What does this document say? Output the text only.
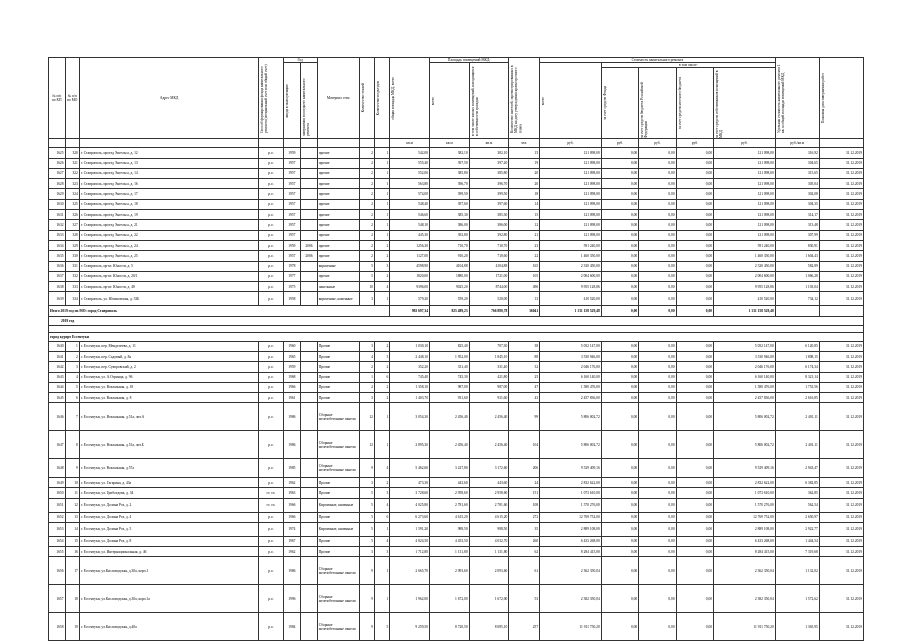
№ п/п по КП	№ п/п по МО	Адрес МКД	Способ формирования фонда капитального ремонта (специальный счет или общий счет)	Год		Материал стен	Количество этажей	Количество подъездов	общая площадь МКД, всего	Площадь помещений МКД:		Количество жителей, зарегистрированных в МКД на дату утверждения краткосрочного плана	Стоимость капитального ремонта					Удельная стоимость капитального ремонта 1 кв. м общей площади помещений МКД	Плановая дата завершения работ

				ввода в эксплуатацию	завершения последнего капитального ремонта					всего	в том числе жилых помещений, находящихся в собственности граждан		всего	в том числе:					

														за счет средств Фонда	за счет средств бюджета Российской Федерации	за счет средств местного бюджета	за счет средств собственников помещений в МКД		

									кв.м	кв.м	кв.м	чел.	руб.	руб.	руб.	руб.	руб.	руб./кв.м	
1625	320	г. Ставрополь, проезд Энгельса, д. 12	р.о.	1959		прочие	2	1	542,00	382,10	382,10	15	121 098,00	0,00	0,00	0,00	121 098,00	316,92	31.12.2019
1626	321	г. Ставрополь, проезд Энгельса, д. 13	р.о.	1957		прочие	2	1	555,40	397,50	397,20	19	121 098,00	0,00	0,00	0,00	121 098,00	304,65	31.12.2019
1627	322	г. Ставрополь, проезд Энгельса, д. 14	р.о.	1957		прочие	2	1	552,00	385,80	385,80	20	121 098,00	0,00	0,00	0,00	121 098,00	315,65	31.12.2019
1628	323	г. Ставрополь, проезд Энгельса, д. 16	р.о.	1957		прочие	2	1	563,80	396,70	396,70	20	121 098,00	0,00	0,00	0,00	121 098,00	305,04	31.12.2019
1629	324	г. Ставрополь, проезд Энгельса, д. 17	р.о.	1957		прочие	2	1	574,00	399,50	399,50	18	121 098,00	0,00	0,00	0,00	121 098,00	302,08	31.12.2019
1630	325	г. Ставрополь, проезд Энгельса, д. 18	р.о.	1957		прочие	2	1	548,40	397,60	397,60	14	121 098,00	0,00	0,00	0,00	121 098,00	304,35	31.12.2019
1631	326	г. Ставрополь, проезд Энгельса, д. 19	р.о.	1957		прочие	2	1	546,60	385,30	385,30	15	121 098,00	0,00	0,00	0,00	121 098,00	314,17	31.12.2019
1632	327	г. Ставрополь, проезд Энгельса, д. 21	р.о.	1957		прочие	2	1	548,10	386,00	386,00	12	121 098,00	0,00	0,00	0,00	121 098,00	313,48	31.12.2019
1633	328	г. Ставрополь, проезд Энгельса, д. 22	р.о.	1957		прочие	2	1	445,30	392,80	392,80	21	121 098,00	0,00	0,00	0,00	121 098,00	307,99	31.12.2019
1634	329	г. Ставрополь, проезд Энгельса, д. 24	р.о.	1959	2006	прочие	2	2	1256,30	710,70	710,70	23	591 240,00	0,00	0,00	0,00	591 240,00	830,91	31.12.2019
1635	330	г. Ставрополь, проезд Энгельса, д. 25	р.о.	1957	2006	прочие	2	2	1127,00	910,20	710,60	22	1 460 350,00	0,00	0,00	0,00	1 460 350,00	1 604,43	31.12.2019
1636	331	г. Ставрополь, пр-кт. Юности, д. 5	р.о.	1978		кирпичные	5	3	4598,90	4104,88	4104,88	165	2 330 450,00	0,00	0,00	0,00	2 330 450,00	582,89	31.12.2019
1637	332	г. Ставрополь, пр-кт. Юности, д. 20/1	р.о.	1977		прочие	5	2	1820,00	1880,00	1721,00	105	2 004 600,00	0,00	0,00	0,00	2 004 600,00	1 066,28	31.12.2019
1638	333	г. Ставрополь, пр-кт. Юности, д. 48	р.о.	1975		панельные	10	4	9396,00	9025,20	8744,00	496	9 955 128,86	0,00	0,00	0,00	9 955 128,86	1 103,04	31.12.2019
1639	334	г. Ставрополь, ул. Юмэновская, д. 33Б	р.о.	1958		кирпичные, каменные	3	1	579,20	559,20	520,00	13	410 520,00	0,00	0,00	0,00	410 520,00	734,12	31.12.2019
Итого 2019 год по МО: город Ставрополь									992 697,34	825 489,23	766 880,78	36041	1 131 158 529,48	0,00	0,00	0,00	1 131 158 529,48		
2019 год																			

город курорт Ессентуки																			
1640	1	г. Ессентуки, пер. Менделеева, д. 11	р.о.	1960		Прочие	3	2	1 030,10	825,40	707,30	38	5 052 147,00	0,00	0,00	0,00	5 052 147,00	6 120,85	31.12.2019
1641	2	г. Ессентуки, пер. Садовый, д. 8а	р.о.	1965		Прочие	4	3	2 448,10	1 952,00	1 845,10	88	3 530 946,00	0,00	0,00	0,00	3 530 946,00	1 808,15	31.12.2019
1642	3	г. Ессентуки, пер. Суворовский, д. 2	р.о.	1959		Прочие	2	2	352,20	331,40	331,40	32	2 046 176,00	0,00	0,00	0,00	2 046 176,00	6 174,34	31.12.2019
1643	4	г. Ессентуки, ул. А.Огринца, д. 96	р.о.	1968		Прочие	1	6	745,40	745,30	421,80	25	6 160 140,00	0,00	0,00	0,00	6 160 140,00	8 321,14	31.12.2019
1644	5	г. Ессентуки, ул. Вокзальная, д. 18	р.о.	1966		Прочие	2	2	1 358,10	987,00	987,00	47	1 580 476,00	0,00	0,00	0,00	1 580 476,00	1 753,56	31.12.2019
1645	6	г. Ессентуки, ул. Вокзальная, д. 8	р.о.	1961		Прочие	3	2	1 403,70	931,60	931,60	43	2 457 836,00	0,00	0,00	0,00	2 457 836,00	2 616,85	31.12.2019
1646	7	г. Ессентуки, ул. Вокзальная, д.51а, лит.А	р.о.	1986		Сборные железобетонные панели	12	1	3 054,30	2 456,40	2 456,40	99	5 806 002,72	0,00	0,00	0,00	5 806 002,72	2 401,11	31.12.2019
1647	8	г. Ессентуки, ул. Вокзальная, д.51а, лит.Б	р.о.	1986		Сборные железобетонные панели	12	1	2 895,30	2 456,40	2 456,40	104	5 806 002,72	0,00	0,00	0,00	5 806 002,72	2 401,11	31.12.2019
1648	9	г. Ессентуки, ул. Вокзальная, д.57а	р.о.	1985		Сборные железобетонные панели	9	4	5 462,60	3 227,80	3 172,60	206	9 529 409,16	0,00	0,00	0,00	9 529 409,16	2 943,47	31.12.2019
1649	10	г. Ессентуки, ул. Гагарина, д. 43а	р.о.	1962		Прочие	3	2	473,30	443,60	443,60	24	2 832 622,00	0,00	0,00	0,00	2 832 622,00	6 382,85	31.12.2019
1650	11	г. Ессентуки, ул. Грибоедова, д. 34	ст. сч.	1963		Прочие	5	3	3 728,60	2 958,60	2 958,60	151	1 073 610,00	0,00	0,00	0,00	1 073 610,00	362,85	31.12.2019
1651	12	г. Ессентуки, ул. Долина Роз, д. 2	ст. сч.	1966		Кирпичные, каменные	5	4	4 025,80	2 781,60	2 781,60	108	1 570 276,00	0,00	0,00	0,00	1 570 276,00	562,54	31.12.2019
1652	13	г. Ессентуки, ул. Долина Роз, д. 4	р.о.	1966		Прочие	5	6	6 273,60	4 615,20	4 615,20	272	12 769 752,00	0,00	0,00	0,00	12 769 752,00	2 650,97	31.12.2019
1653	14	г. Ессентуки, ул. Долина Роз, д. 5	р.о.	1974		Кирпичные, каменные	5	1	1 591,20	988,50	988,50	35	2 889 108,00	0,00	0,00	0,00	2 889 108,00	2 922,77	31.12.2019
1654	15	г. Ессентуки, ул. Долина Роз, д. 8	р.о.	1967		Прочие	5	4	4 824,50	4 453,50	4 032,70	260	6 433 268,00	0,00	0,00	0,00	6 433 268,00	1 444,54	31.12.2019
1655	16	г. Ессентуки, ул. Интернациональная, д. 46	р.о.	1962		Прочие	3	3	1 712,80	1 131,80	1 131,80	62	8 284 415,00	0,00	0,00	0,00	8 284 415,00	7 319,68	31.12.2019
1656	17	г. Ессентуки, ул.Кисловодская, д.30а, корп.1	р.о.	1986		Сборные железобетонные панели	9	1	2 665,70	2 093,60	2 093,60	61	2 362 350,04	0,00	0,00	0,00	2 362 350,04	1 132,02	31.12.2019
1657	18	г. Ессентуки, ул.Кисловодская, д.30а, корп.1а	р.о.	1996		Сборные железобетонные панели	9	1	1 962,00	1 672,00	1 672,00	53	2 382 350,04	0,00	0,00	0,00	2 382 350,04	1 572,62	31.12.2019
1658	19	г. Ессентуки, ул.Кисловодская, д.40а	р.о.	1984		Сборные железобетонные панели	9	5	9 259,50	8 720,50	8 085,10	257	11 911 750,20	0,00	0,00	0,00	11 911 750,20	1 365,95	31.12.2019
